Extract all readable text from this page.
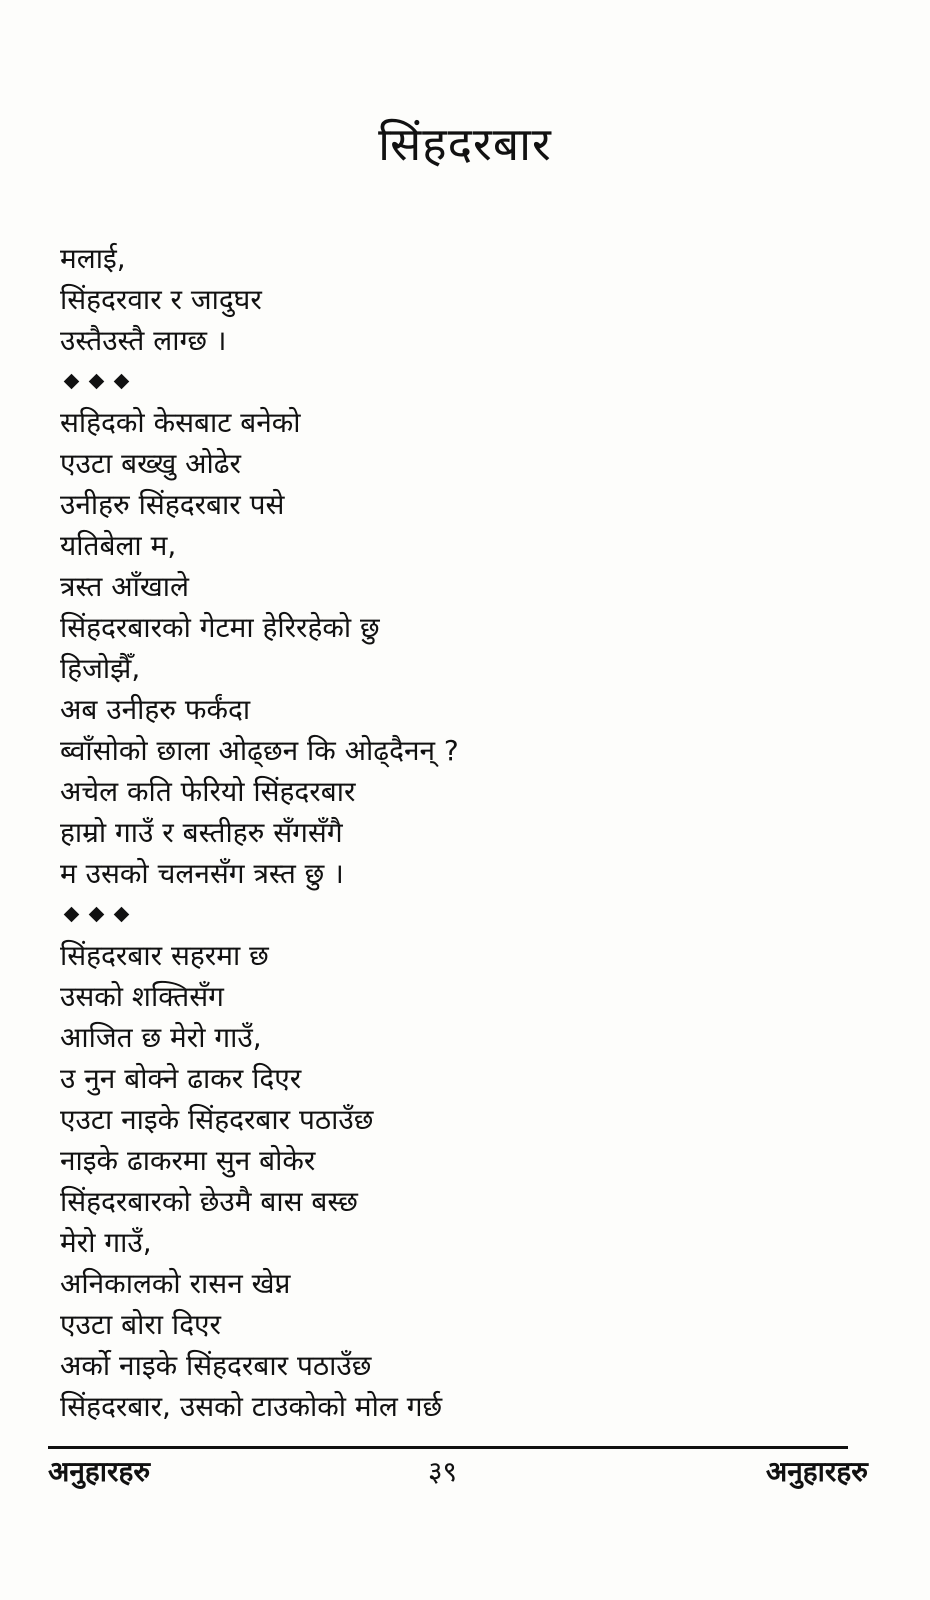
सिंहदरबार
मलाई,
सिंहदरवार र जादुघर
उस्तैउस्तै लाग्छ ।
सहिदको केसबाट बनेको
एउटा बख्खु ओढेर
उनीहरु सिंहदरबार पसे
यतिबेला म,
त्रस्त आँखाले
सिंहदरबारको गेटमा हेरिरहेको छु
हिजोझैँ,
अब उनीहरु फर्कंदा
ब्वाँसोको छाला ओढ्छन कि ओढ्दैनन् ?
अचेल कति फेरियो सिंहदरबार
हाम्रो गाउँ र बस्तीहरु सँगसँगै
म उसको चलनसँग त्रस्त छु ।
सिंहदरबार सहरमा छ
उसको शक्तिसँग
आजित छ मेरो गाउँ,
उ नुन बोक्ने ढाकर दिएर
एउटा नाइके सिंहदरबार पठाउँछ
नाइके ढाकरमा सुन बोकेर
सिंहदरबारको छेउमै बास बस्छ
मेरो गाउँ,
अनिकालको रासन खेप्न
एउटा बोरा दिएर
अर्को नाइके सिंहदरबार पठाउँछ
सिंहदरबार, उसको टाउकोको मोल गर्छ
अनुहारहरु	३९	अनुहारहरु
